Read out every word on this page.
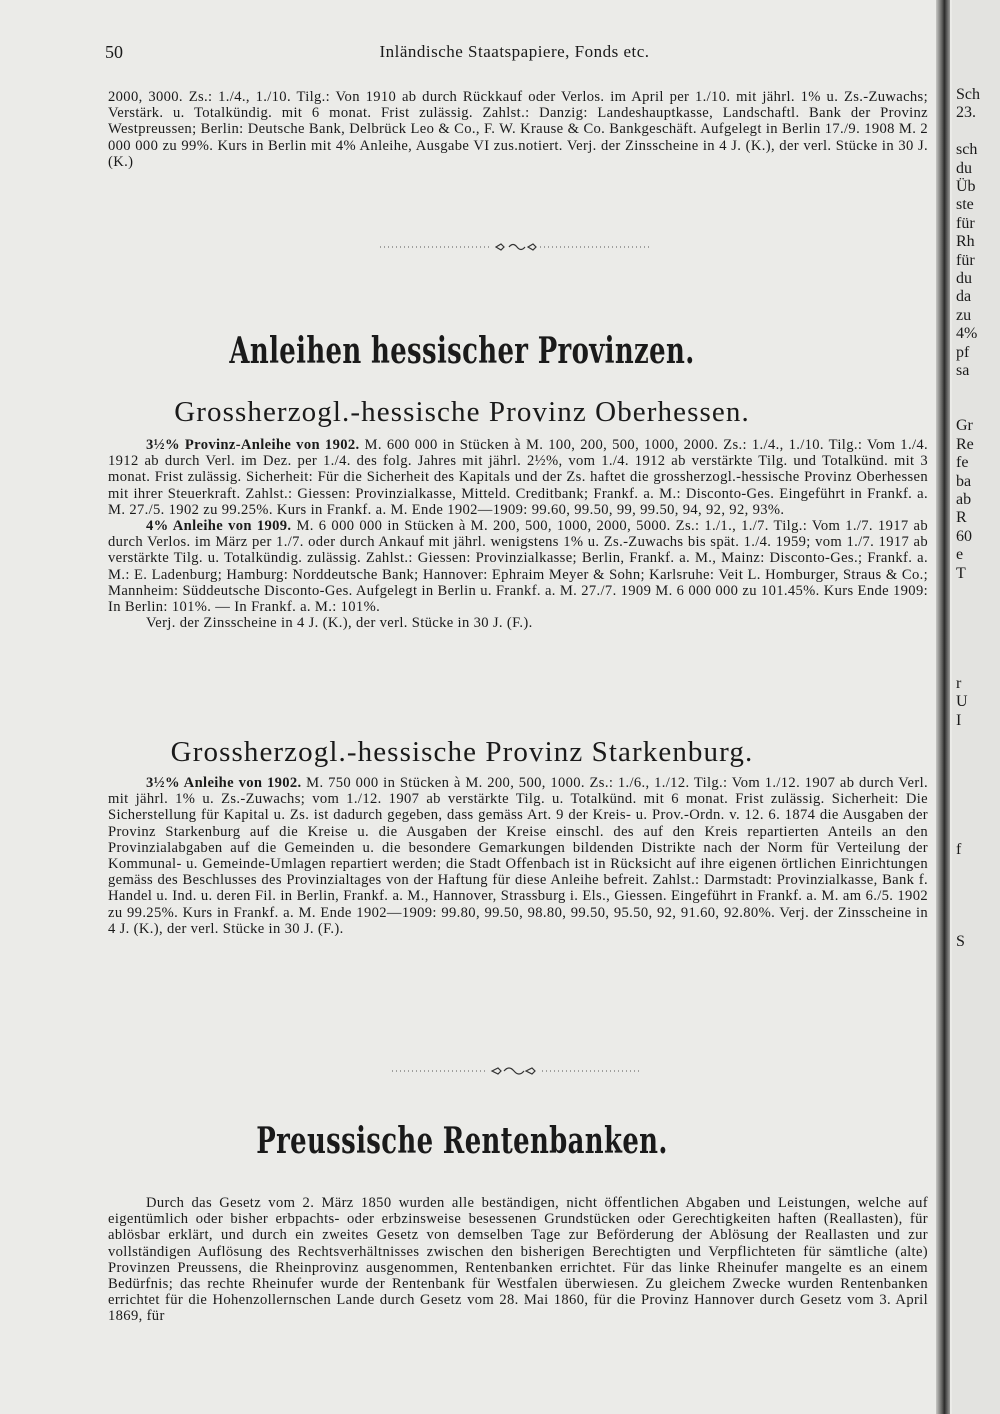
50	Inländische Staatspapiere, Fonds etc.

2000, 3000. Zs.: 1./4., 1./10. Tilg.: Von 1910 ab durch Rückkauf oder Verlos. im April per 1./10. mit jährl. 1% u. Zs.-Zuwachs; Verstärk. u. Totalkündig. mit 6 monat. Frist zulässig. Zahlst.: Danzig: Landeshauptkasse, Landschaftl. Bank der Provinz Westpreussen; Berlin: Deutsche Bank, Delbrück Leo & Co., F. W. Krause & Co. Bankgeschäft. Aufgelegt in Berlin 17./9. 1908 M. 2 000 000 zu 99%. Kurs in Berlin mit 4% Anleihe, Ausgabe VI zus.notiert. Verj. der Zinsscheine in 4 J. (K.), der verl. Stücke in 30 J. (K.)

Anleihen hessischer Provinzen.
Grossherzogl.-hessische Provinz Oberhessen.

3½% Provinz-Anleihe von 1902. M. 600 000 in Stücken à M. 100, 200, 500, 1000, 2000. Zs.: 1./4., 1./10. Tilg.: Vom 1./4. 1912 ab durch Verl. im Dez. per 1./4. des folg. Jahres mit jährl. 2½%, vom 1./4. 1912 ab verstärkte Tilg. und Totalkünd. mit 3 monat. Frist zulässig. Sicherheit: Für die Sicherheit des Kapitals und der Zs. haftet die grossherzogl.-hessische Provinz Oberhessen mit ihrer Steuerkraft. Zahlst.: Giessen: Provinzialkasse, Mitteld. Creditbank; Frankf. a. M.: Disconto-Ges. Eingeführt in Frankf. a. M. 27./5. 1902 zu 99.25%. Kurs in Frankf. a. M. Ende 1902—1909: 99.60, 99.50, 99, 99.50, 94, 92, 92, 93%.

4% Anleihe von 1909. M. 6 000 000 in Stücken à M. 200, 500, 1000, 2000, 5000. Zs.: 1./1., 1./7. Tilg.: Vom 1./7. 1917 ab durch Verlos. im März per 1./7. oder durch Ankauf mit jährl. wenigstens 1% u. Zs.-Zuwachs bis spät. 1./4. 1959; vom 1./7. 1917 ab verstärkte Tilg. u. Totalkündig. zulässig. Zahlst.: Giessen: Provinzialkasse; Berlin, Frankf. a. M., Mainz: Disconto-Ges.; Frankf. a. M.: E. Ladenburg; Hamburg: Norddeutsche Bank; Hannover: Ephraim Meyer & Sohn; Karlsruhe: Veit L. Homburger, Straus & Co.; Mannheim: Süddeutsche Disconto-Ges. Aufgelegt in Berlin u. Frankf. a. M. 27./7. 1909 M. 6 000 000 zu 101.45%. Kurs Ende 1909: In Berlin: 101%. — In Frankf. a. M.: 101%.

Verj. der Zinsscheine in 4 J. (K.), der verl. Stücke in 30 J. (F.).

Grossherzogl.-hessische Provinz Starkenburg.

3½% Anleihe von 1902. M. 750 000 in Stücken à M. 200, 500, 1000. Zs.: 1./6., 1./12. Tilg.: Vom 1./12. 1907 ab durch Verl. mit jährl. 1% u. Zs.-Zuwachs; vom 1./12. 1907 ab verstärkte Tilg. u. Totalkünd. mit 6 monat. Frist zulässig. Sicherheit: Die Sicherstellung für Kapital u. Zs. ist dadurch gegeben, dass gemäss Art. 9 der Kreis- u. Prov.-Ordn. v. 12. 6. 1874 die Ausgaben der Provinz Starkenburg auf die Kreise u. die Ausgaben der Kreise einschl. des auf den Kreis repartierten Anteils an den Provinzialabgaben auf die Gemeinden u. die besondere Gemarkungen bildenden Distrikte nach der Norm für Verteilung der Kommunal- u. Gemeinde-Umlagen repartiert werden; die Stadt Offenbach ist in Rücksicht auf ihre eigenen örtlichen Einrichtungen gemäss des Beschlusses des Provinzialtages von der Haftung für diese Anleihe befreit. Zahlst.: Darmstadt: Provinzialkasse, Bank f. Handel u. Ind. u. deren Fil. in Berlin, Frankf. a. M., Hannover, Strassburg i. Els., Giessen. Eingeführt in Frankf. a. M. am 6./5. 1902 zu 99.25%. Kurs in Frankf. a. M. Ende 1902—1909: 99.80, 99.50, 98.80, 99.50, 95.50, 92, 91.60, 92.80%. Verj. der Zinsscheine in 4 J. (K.), der verl. Stücke in 30 J. (F.).

Preussische Rentenbanken.

Durch das Gesetz vom 2. März 1850 wurden alle beständigen, nicht öffentlichen Abgaben und Leistungen, welche auf eigentümlich oder bisher erbpachts- oder erbzinsweise besessenen Grundstücken oder Gerechtigkeiten haften (Reallasten), für ablösbar erklärt, und durch ein zweites Gesetz von demselben Tage zur Beförderung der Ablösung der Reallasten und zur vollständigen Auflösung des Rechtsverhältnisses zwischen den bisherigen Berechtigten und Verpflichteten für sämtliche (alte) Provinzen Preussens, die Rheinprovinz ausgenommen, Rentenbanken errichtet. Für das linke Rheinufer mangelte es an einem Bedürfnis; das rechte Rheinufer wurde der Rentenbank für Westfalen überwiesen. Zu gleichem Zwecke wurden Rentenbanken errichtet für die Hohenzollernschen Lande durch Gesetz vom 28. Mai 1860, für die Provinz Hannover durch Gesetz vom 3. April 1869, für

Sch
23.

sch
du
Üb
ste
für
Rh
für
du
da
zu
4%
pf
sa

Gr
Re
fe
ba
ab
R
60
e
T

r
U
I

f

S
